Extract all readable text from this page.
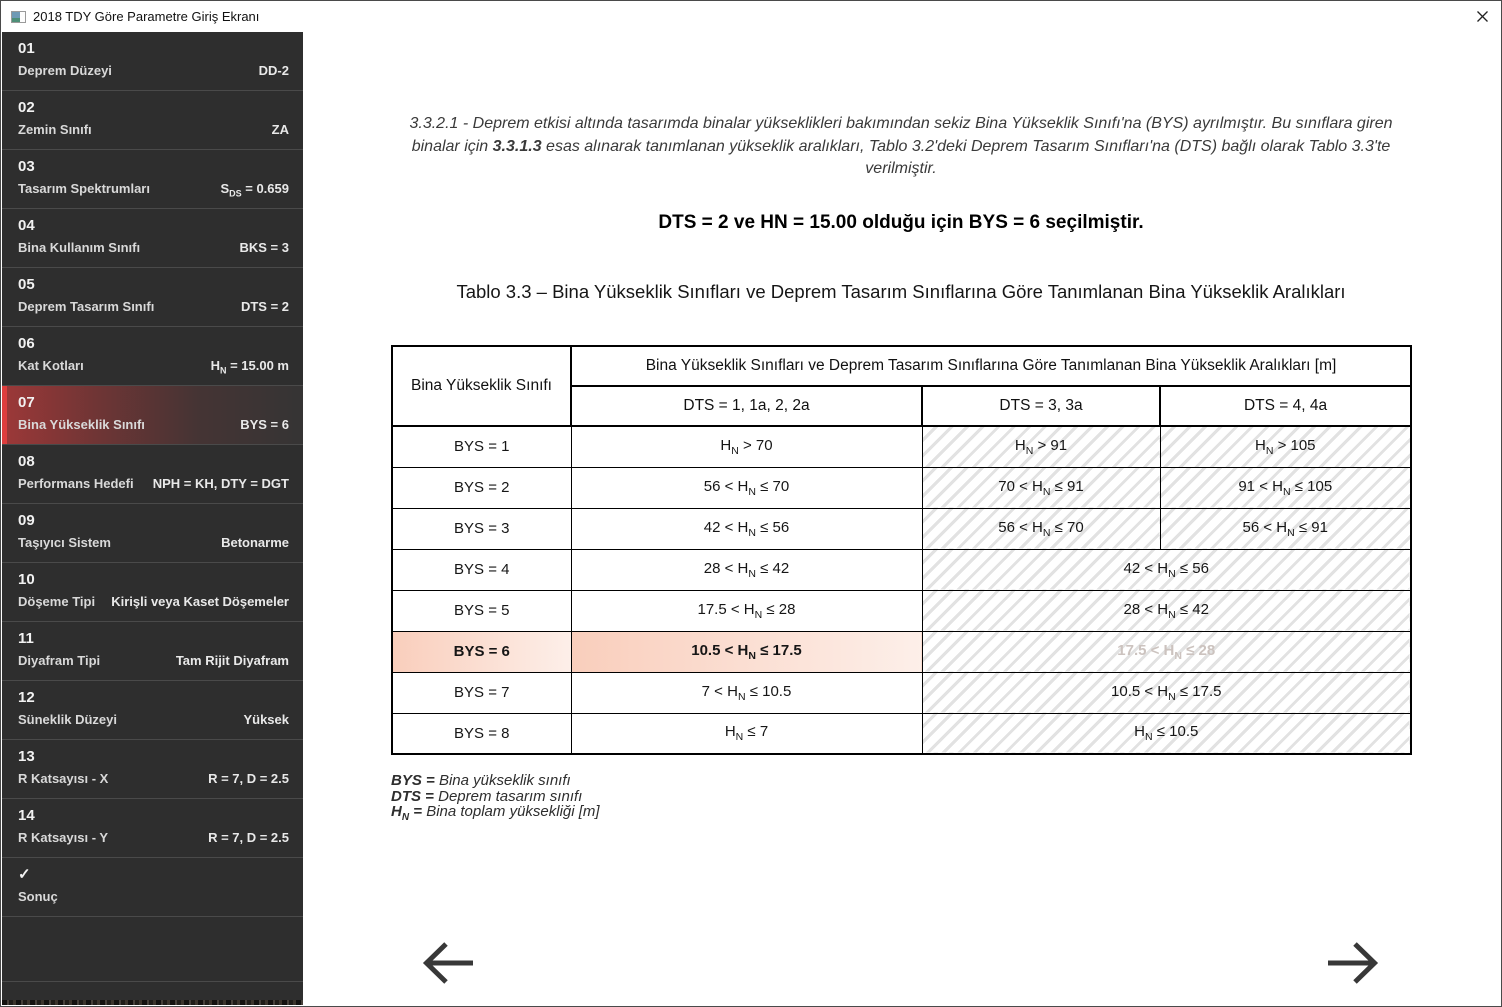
2018 TDY Göre Parametre Giriş Ekranı
01
Deprem Düzeyi	DD-2
02
Zemin Sınıfı	ZA
03
Tasarım Spektrumları	$S_{DS} = 0.659$
04
Bina Kullanım Sınıfı	BKS = 3
05
Deprem Tasarım Sınıfı	DTS = 2
06
Kat Kotları	$H_N = 15.00$ m
07
Bina Yükseklik Sınıfı	BYS = 6
08
Performans Hedefi NPH = KH, DTY = DGT
09
Taşıyıcı Sistem	Betonarme
10
Döşeme Tipi Kirişli veya Kaset Döşemeler
11
Diyafram Tipi	Tam Rijit Diyafram
12
Süneklik Düzeyi	Yüksek
13
R Katsayısı - X	R = 7, D = 2.5
14
R Katsayısı - Y	R = 7, D = 2.5
✓
Sonuç
3.3.2.1 - Deprem etkisi altında tasarımda binalar yükseklikleri bakımından sekiz Bina Yükseklik Sınıfı'na (BYS) ayrılmıştır. Bu sınıflara giren binalar için 3.3.1.3 esas alınarak tanımlanan yükseklik aralıkları, Tablo 3.2'deki Deprem Tasarım Sınıfları'na (DTS) bağlı olarak Tablo 3.3'te verilmiştir.
DTS = 2 ve HN = 15.00 olduğu için BYS = 6 seçilmiştir.
Tablo 3.3 – Bina Yükseklik Sınıfları ve Deprem Tasarım Sınıflarına Göre Tanımlanan Bina Yükseklik Aralıkları
Bina Yükseklik Sınıfı	Bina Yükseklik Sınıfları ve Deprem Tasarım Sınıflarına Göre Tanımlanan Bina Yükseklik Aralıkları [m]		
	DTS = 1, 1a, 2, 2a	DTS = 3, 3a	DTS = 4, 4a
BYS = 1	$H_N > 70$	$H_N > 91$	$H_N > 105$
BYS = 2	$56 < H_N \le 70$	$70 < H_N \le 91$	$91 < H_N \le 105$
BYS = 3	$42 < H_N \le 56$	$56 < H_N \le 70$	$56 < H_N \le 91$
BYS = 4	$28 < H_N \le 42$	$42 < H_N \le 56$	
BYS = 5	$17.5 < H_N \le 28$	$28 < H_N \le 42$	
BYS = 6	$10.5 < H_N \le 17.5$	$17.5 < H_N \le 28$	
BYS = 7	$7 < H_N \le 10.5$	$10.5 < H_N \le 17.5$	
BYS = 8	$H_N \le 7$	$H_N \le 10.5$	
BYS = Bina yükseklik sınıfı
DTS = Deprem tasarım sınıfı
$H_N$ = Bina toplam yüksekliği [m]
